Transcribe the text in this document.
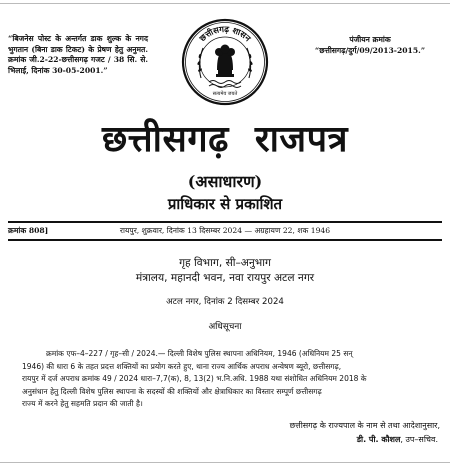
“बिजनेस पोस्ट के अन्तर्गत डाक शुल्क के नगद भुगतान (बिना डाक टिकट) के प्रेषण हेतु अनुमत. क्रमांक जी.2-22-छत्तीसगढ़ गजट / 38 सि. से. भिलाई, दिनांक 30-05-2001.”
पंजीयन क्रमांक
“छत्तीसगढ़/दुर्ग/09/2013-2015.”
छत्तीसगढ़ शासन
सत्यमेव जयते
छत्तीसगढ़ राजपत्र
(असाधारण)
प्राधिकार से प्रकाशित
रायपुर, शुक्रवार, दिनांक 13 दिसम्बर 2024 — अग्रहायण 22, शक 1946
क्रमांक 808]
गृह विभाग, सी–अनुभाग
मंत्रालय, महानदी भवन, नवा रायपुर अटल नगर
अटल नगर, दिनांक 2 दिसम्बर 2024
अधिसूचना
क्रमांक एफ–4–227 / गृह–सी / 2024.— दिल्ली विशेष पुलिस स्थापना अधिनियम, 1946 (अधिनियम 25 सन्
1946) की धारा 6 के तहत प्रदत्त शक्तियों का प्रयोग करते हुए, थाना राज्य आर्थिक अपराध अन्वेषण ब्यूरो, छत्तीसगढ़,
रायपुर में दर्ज अपराध क्रमांक 49 / 2024 धारा–7,7(क), 8, 13(2) भ.नि.अधि. 1988 यथा संशोधित अधिनियम 2018 के
अनुसंधान हेतु दिल्ली विशेष पुलिस स्थापना के सदस्यों की शक्तियों और क्षेत्राधिकार का विस्तार सम्पूर्ण छत्तीसगढ़
राज्य में करने हेतु सहमति प्रदान की जाती है।
छत्तीसगढ़ के राज्यपाल के नाम से तथा आदेशानुसार,
डी. पी. कौशल, उप–सचिव.
